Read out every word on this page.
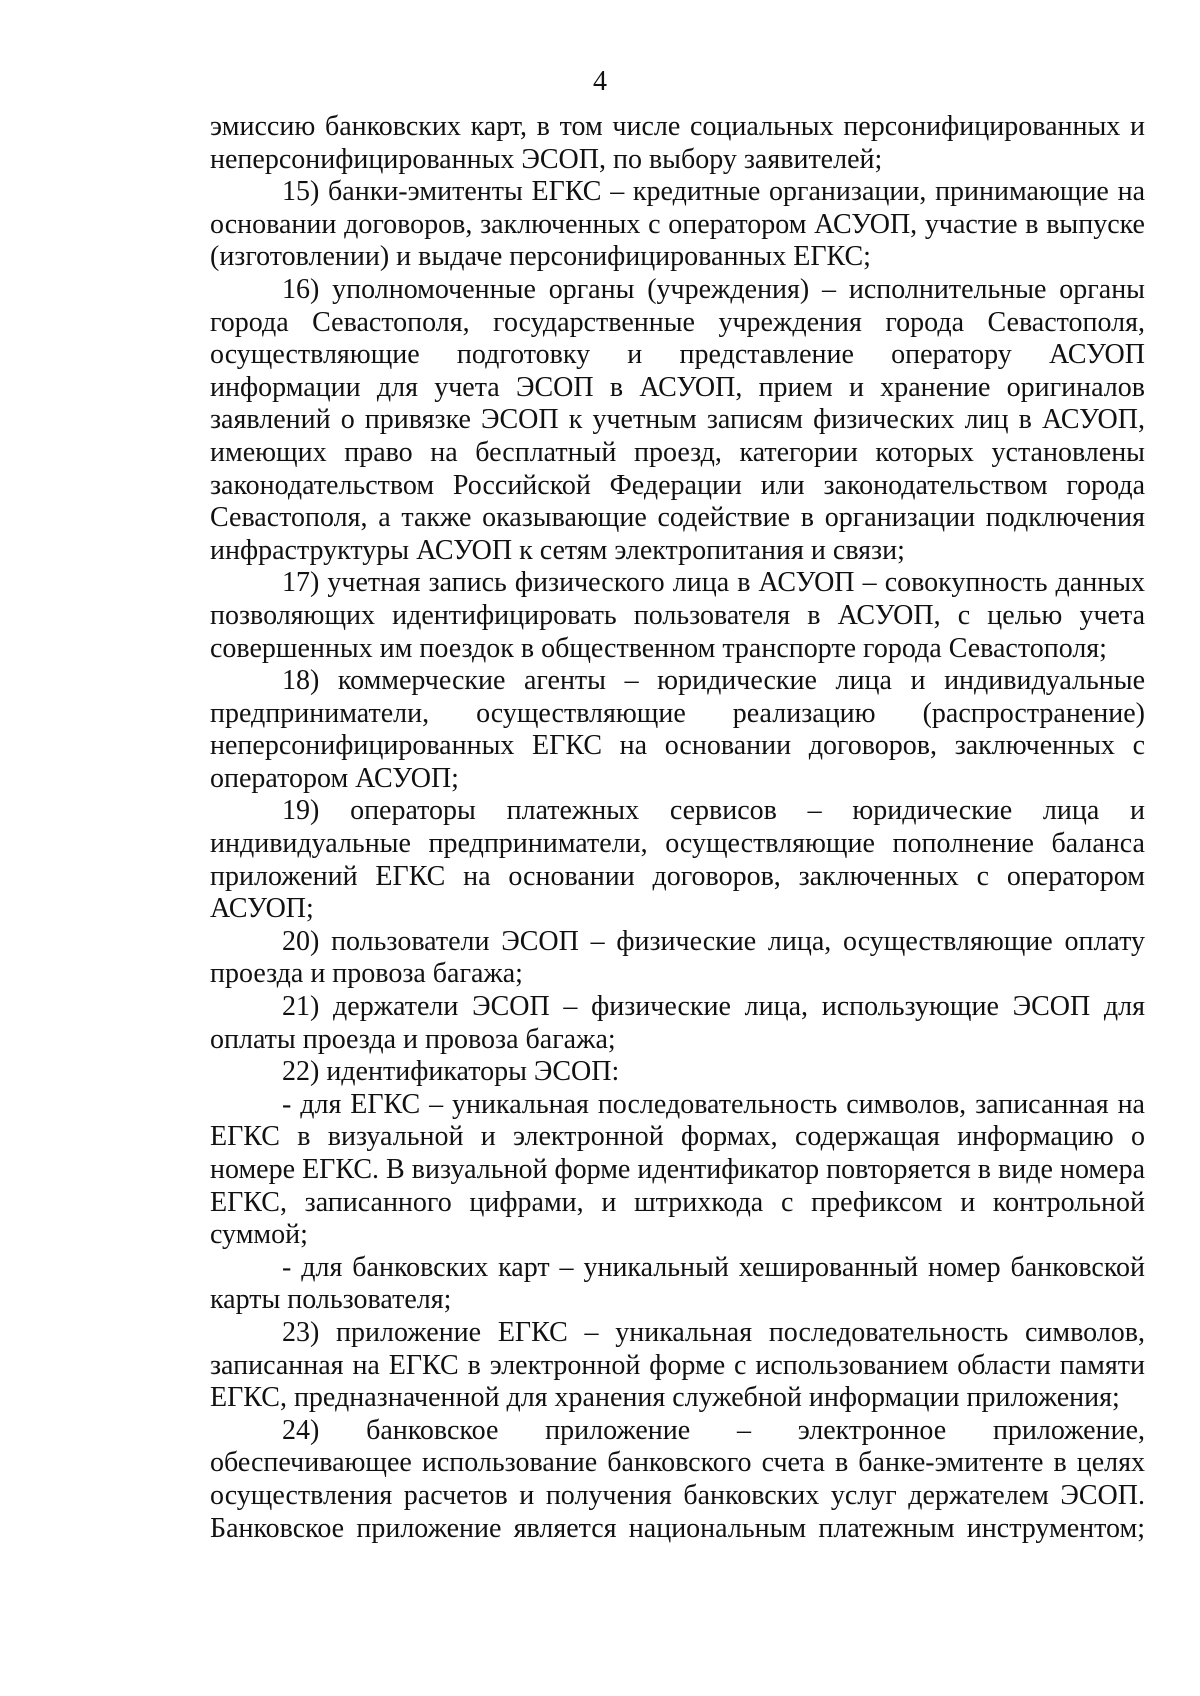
4

эмиссию банковских карт, в том числе социальных персонифицированных и неперсонифицированных ЭСОП, по выбору заявителей;

15) банки-эмитенты ЕГКС – кредитные организации, принимающие на основании договоров, заключенных с оператором АСУОП, участие в выпуске (изготовлении) и выдаче персонифицированных ЕГКС;

16) уполномоченные органы (учреждения) – исполнительные органы города Севастополя, государственные учреждения города Севастополя, осуществляющие подготовку и представление оператору АСУОП информации для учета ЭСОП в АСУОП, прием и хранение оригиналов заявлений о привязке ЭСОП к учетным записям физических лиц в АСУОП, имеющих право на бесплатный проезд, категории которых установлены законодательством Российской Федерации или законодательством города Севастополя, а также оказывающие содействие в организации подключения инфраструктуры АСУОП к сетям электропитания и связи;

17) учетная запись физического лица в АСУОП – совокупность данных позволяющих идентифицировать пользователя в АСУОП, с целью учета совершенных им поездок в общественном транспорте города Севастополя;

18) коммерческие агенты – юридические лица и индивидуальные предприниматели, осуществляющие реализацию (распространение) неперсонифицированных ЕГКС на основании договоров, заключенных с оператором АСУОП;

19) операторы платежных сервисов – юридические лица и индивидуальные предприниматели, осуществляющие пополнение баланса приложений ЕГКС на основании договоров, заключенных с оператором АСУОП;

20) пользователи ЭСОП – физические лица, осуществляющие оплату проезда и провоза багажа;

21) держатели ЭСОП – физические лица, использующие ЭСОП для оплаты проезда и провоза багажа;

22) идентификаторы ЭСОП:

- для ЕГКС – уникальная последовательность символов, записанная на ЕГКС в визуальной и электронной формах, содержащая информацию о номере ЕГКС. В визуальной форме идентификатор повторяется в виде номера ЕГКС, записанного цифрами, и штрихкода с префиксом и контрольной суммой;

- для банковских карт – уникальный хешированный номер банковской карты пользователя;

23) приложение ЕГКС – уникальная последовательность символов, записанная на ЕГКС в электронной форме с использованием области памяти ЕГКС, предназначенной для хранения служебной информации приложения;

24) банковское приложение – электронное приложение, обеспечивающее использование банковского счета в банке-эмитенте в целях осуществления расчетов и получения банковских услуг держателем ЭСОП. Банковское приложение является национальным платежным инструментом;
